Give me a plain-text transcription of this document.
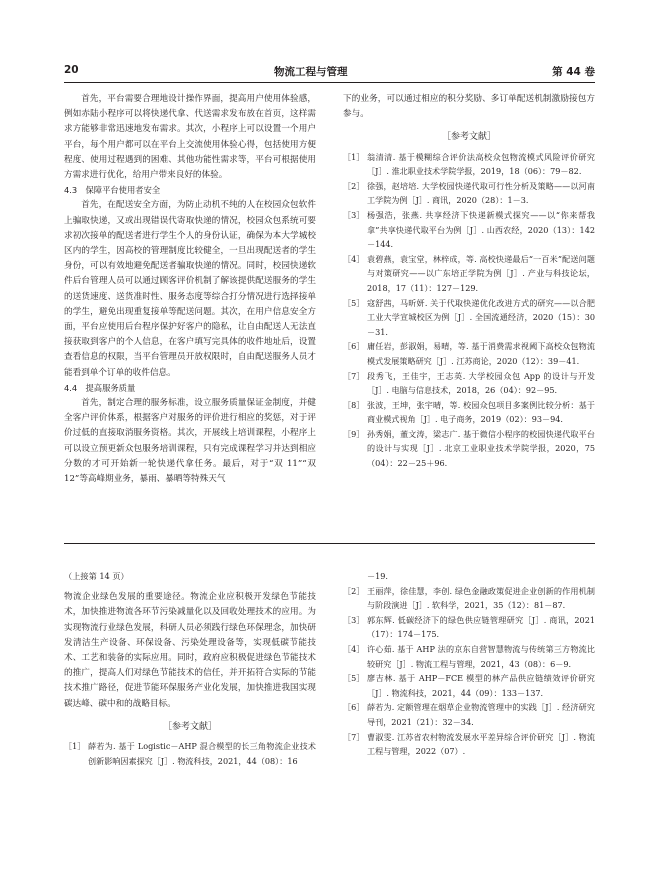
20	物流工程与管理	第 44 卷

首先，平台需要合理地设计操作界面，提高用户使用体验感，例如赤陆小程序可以将快递代拿、代送需求发布放在首页，这样需求方能够非常迅速地发布需求。其次，小程序上可以设置一个用户平台，每个用户都可以在平台上交流使用体验心得，包括使用方便程度、使用过程遇到的困难、其他功能性需求等，平台可根据使用方需求进行优化，给用户带来良好的体验。

4.3　保障平台使用者安全

首先，在配送安全方面，为防止动机不纯的人在校园众包软件上骗取快递，又或出现错误代寄取快递的情况，校园众包系统可要求初次接单的配送者进行学生个人的身份认证，确保为本大学城校区内的学生，因高校的管理制度比较健全，一旦出现配送者的学生身份，可以有效地避免配送者骗取快递的情况。同时，校园快递软件后台管理人员可以通过顾客评价机制了解该提供配送服务的学生的送货速度、送货准时性、服务态度等综合打分情况进行选择接单的学生，避免出现重复接单等配送问题。其次，在用户信息安全方面，平台应使用后台程序保护好客户的隐私，让自由配送人无法直接获取到客户的个人信息，在客户填写完具体的收件地址后，设置查看信息的权限，当平台管理员开放权限时，自由配送服务人员才能看到单个订单的收件信息。

4.4　提高服务质量

首先，制定合理的服务标准，设立服务质量保证金制度，并健全客户评价体系，根据客户对服务的评价进行相应的奖惩，对于评价过低的直接取消服务资格。其次，开展线上培训课程，小程序上可以设立预更新众包服务培训课程，只有完成课程学习并达到相应分数的才可开始新一轮快递代拿任务。最后，对于“双 11”“双 12”等高峰期业务，暴雨、暴晒等特殊天气

下的业务，可以通过相应的积分奖励、多订单配送机制激励接包方参与。

［参考文献］
［1］ 翁清清. 基于模糊综合评价法高校众包物流模式风险评价研究［J］. 淮北职业技术学院学报，2019，18（06）：79－82.
［2］ 徐强，赵培培. 大学校园快递代取可行性分析及策略——以河南工学院为例［J］. 商讯，2020（28）：1－3.
［3］ 杨强浩，张燕. 共享经济下快递新模式探究——以“你来帮我拿”共享快递代取平台为例［J］. 山西农经，2020（13）：142－144.
［4］ 袁碧燕，袁宝堂，林梓成，等. 高校快递最后“一百米”配送问题与对策研究——以广东培正学院为例［J］. 产业与科技论坛，2018，17（11）：127－129.
［5］ 寇舒茜，马昕妍. 关于代取快递优化改进方式的研究——以合肥工业大学宣城校区为例［J］. 全国流通经济，2020（15）：30－31.
［6］ 庸任岩，彭淑娟，易晴，等. 基于消费需求视阈下高校众包物流模式发展策略研究［J］. 江苏商论，2020（12）：39－41.
［7］ 段秀飞，王佳宇，王志英. 大学校园众包 App 的设计与开发［J］. 电脑与信息技术，2018，26（04）：92－95.
［8］ 张波，王坤，张宇晴，等. 校园众包项目多案例比较分析：基于商业模式视角［J］. 电子商务，2019（02）：93－94.
［9］ 孙秀娟，董文涛，梁志广. 基于微信小程序的校园快递代取平台的设计与实现［J］. 北京工业职业技术学院学报，2020，75（04）：22－25＋96.

（上接第 14 页）

物流企业绿色发展的重要途径。物流企业应积极开发绿色节能技术，加快推进物流各环节污染减量化以及回收处理技术的应用。为实现物流行业绿色发展，科研人员必须践行绿色环保理念，加快研发清洁生产设备、环保设备、污染处理设备等，实现低碳节能技术、工艺和装备的实际应用。同时，政府应积极促进绿色节能技术的推广，提高人们对绿色节能技术的信任，并开拓符合实际的节能技术推广路径，促进节能环保服务产业化发展，加快推进我国实现碳达峰、碳中和的战略目标。

［参考文献］
［1］ 薛若为. 基于 Logistic－AHP 混合模型的长三角物流企业技术创新影响因素探究［J］. 物流科技，2021，44（08）：16
－19.
［2］ 王丽萍，徐佳慧，李创. 绿色金融政策促进企业创新的作用机制与阶段演进［J］. 软科学，2021，35（12）：81－87.
［3］ 郭东辉. 低碳经济下的绿色供应链管理研究［J］. 商讯，2021（17）：174－175.
［4］ 许心茹. 基于 AHP 法的京东自营智慧物流与传统第三方物流比较研究［J］. 物流工程与管理，2021，43（08）：6－9.
［5］ 廖吉林. 基于 AHP－FCE 模型的林产品供应链绩效评价研究［J］. 物流科技，2021，44（09）：133－137.
［6］ 薛若为. 定额管理在烟草企业物流管理中的实践［J］. 经济研究导刊，2021（21）：32－34.
［7］ 曹淑雯. 江苏省农村物流发展水平差异综合评价研究［J］. 物流工程与管理，2022（07）.
